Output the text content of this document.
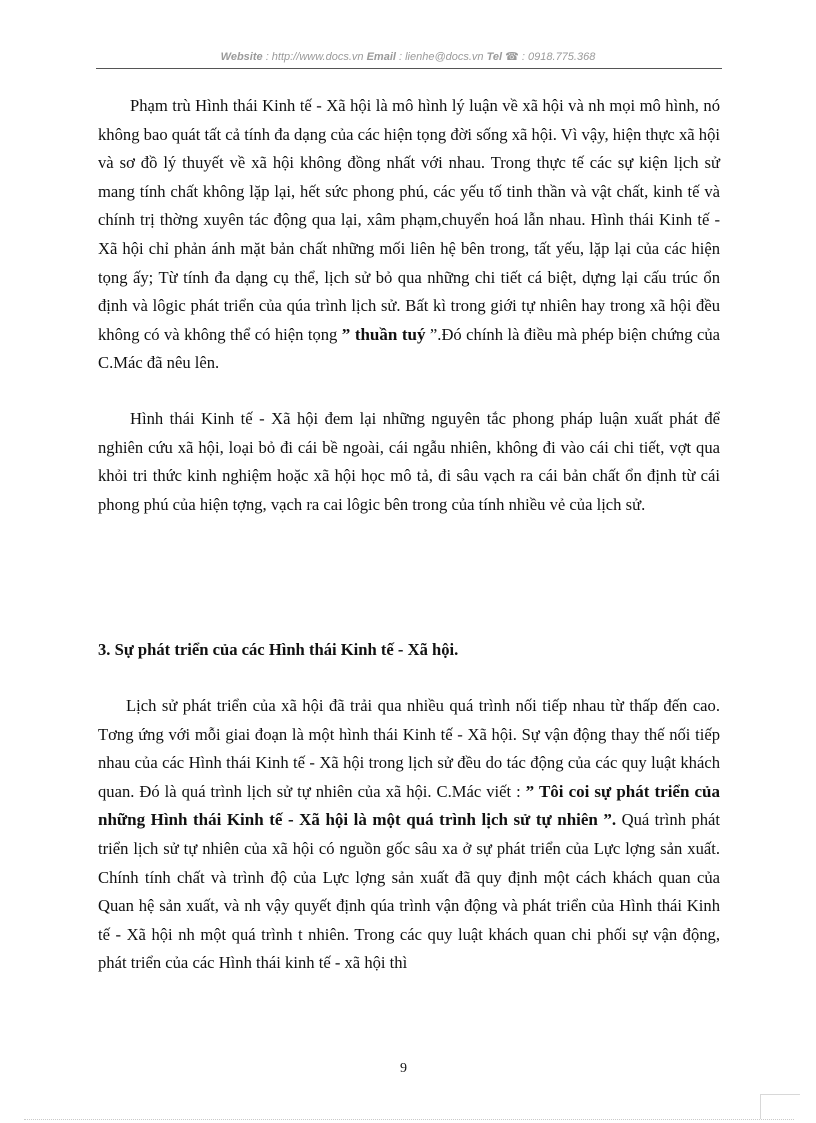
Website : http://www.docs.vn Email : lienhe@docs.vn Tel ☎ : 0918.775.368

Phạm trù Hình thái Kinh tế - Xã hội là mô hình lý luận về xã hội và nh mọi mô hình, nó không bao quát tất cả tính đa dạng của các hiện tọng đời sống xã hội. Vì vậy, hiện thực xã hội và sơ đồ lý thuyết về xã hội không đồng nhất với nhau. Trong thực tế các sự kiện lịch sử mang tính chất không lặp lại, hết sức phong phú, các yếu tố tinh thần và vật chất, kinh tế và chính trị thờng xuyên tác động qua lại, xâm phạm,chuyển hoá lẫn nhau. Hình thái Kinh tế - Xã hội chỉ phản ánh mặt bản chất những mối liên hệ bên trong, tất yếu, lặp lại của các hiện tọng ấy; Từ tính đa dạng cụ thể, lịch sử bỏ qua những chi tiết cá biệt, dựng lại cấu trúc ổn định và lôgic phát triển của qúa trình lịch sử. Bất kì trong giới tự nhiên hay trong xã hội đều không có và không thể có hiện tọng ” thuần tuý ”.Đó chính là điều mà phép biện chứng của C.Mác đã nêu lên.

Hình thái Kinh tế - Xã hội đem lại những nguyên tắc phong pháp luận xuất phát để nghiên cứu xã hội, loại bỏ đi cái bề ngoài, cái ngẫu nhiên, không đi vào cái chi tiết, vợt qua khỏi tri thức kinh nghiệm hoặc xã hội học mô tả, đi sâu vạch ra cái bản chất ổn định từ cái phong phú của hiện tợng, vạch ra cai lôgic bên trong của tính nhiều vẻ của lịch sử.

3. Sự phát triển của các Hình thái Kinh tế - Xã hội.

Lịch sử phát triển của xã hội đã trải qua nhiều quá trình nối tiếp nhau từ thấp đến cao. Tơng ứng với mỗi giai đoạn là một hình thái Kinh tế - Xã hội. Sự vận động thay thế nối tiếp nhau của các Hình thái Kinh tế - Xã hội trong lịch sử đều do tác động của các quy luật khách quan. Đó là quá trình lịch sử tự nhiên của xã hội. C.Mác viết : ” Tôi coi sự phát triển của những Hình thái Kinh tế - Xã hội là một quá trình lịch sử tự nhiên ”. Quá trình phát triển lịch sử tự nhiên của xã hội có nguồn gốc sâu xa ở sự phát triển của Lực lợng sản xuất. Chính tính chất và trình độ của Lực lợng sản xuất đã quy định một cách khách quan của Quan hệ sản xuất, và nh vậy quyết định qúa trình vận động và phát triển của Hình thái Kinh tế - Xã hội nh một quá trình t nhiên. Trong các quy luật khách quan chi phối sự vận động, phát triển của các Hình thái kinh tế - xã hội thì

9
